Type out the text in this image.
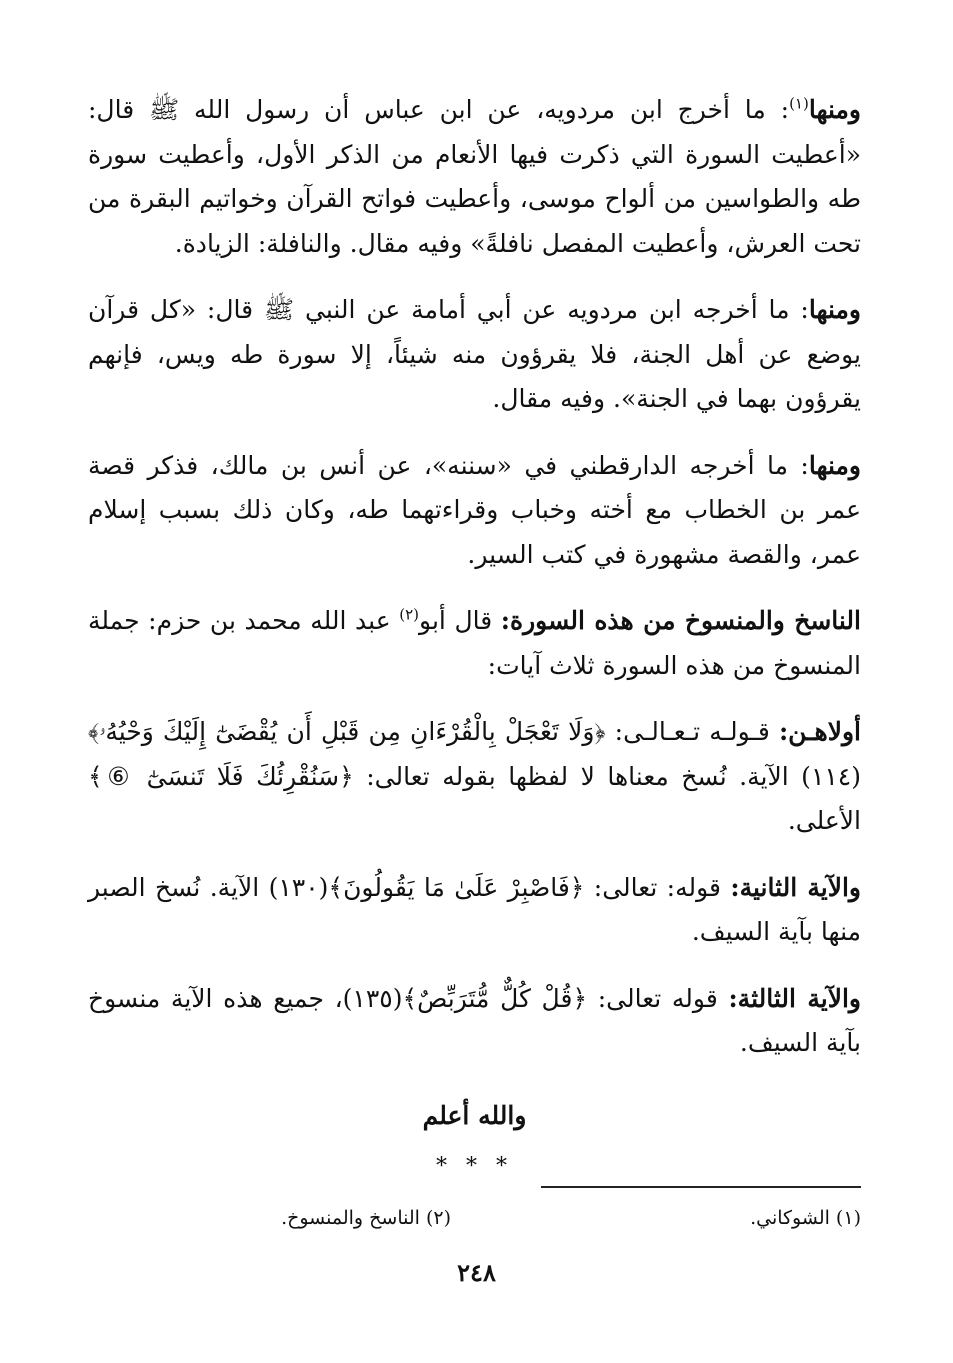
ومنها$^{(١)}$: ما أخرج ابن مردويه، عن ابن عباس أن رسول الله ﷺ قال: «أعطيت السورة التي ذكرت فيها الأنعام من الذكر الأول، وأعطيت سورة طه والطواسين من ألواح موسى، وأعطيت فواتح القرآن وخواتيم البقرة من تحت العرش، وأعطيت المفصل نافلةً» وفيه مقال. والنافلة: الزيادة.

ومنها: ما أخرجه ابن مردويه عن أبي أمامة عن النبي ﷺ قال: «كل قرآن يوضع عن أهل الجنة، فلا يقرؤون منه شيئاً، إلا سورة طه ويس، فإنهم يقرؤون بهما في الجنة». وفيه مقال.

ومنها: ما أخرجه الدارقطني في «سننه»، عن أنس بن مالك، فذكر قصة عمر بن الخطاب مع أخته وخباب وقراءتهما طه، وكان ذلك بسبب إسلام عمر، والقصة مشهورة في كتب السير.

الناسخ والمنسوخ من هذه السورة: قال أبو$^{(٢)}$ عبد الله محمد بن حزم: جملة المنسوخ من هذه السورة ثلاث آيات:

أولاهـن: قـولـه تـعـالـى: ﴿وَلَا تَعْجَلْ بِالْقُرْءَانِ مِن قَبْلِ أَن يُقْضَىٰٓ إِلَيْكَ وَحْيُهُۥ﴾(١١٤) الآية. نُسخ معناها لا لفظها بقوله تعالى: ﴿سَنُقْرِئُكَ فَلَا تَنسَىٰٓ ⑥﴾ الأعلى.

والآية الثانية: قوله: تعالى: ﴿فَاصْبِرْ عَلَىٰ مَا يَقُولُونَ﴾(١٣٠) الآية. نُسخ الصبر منها بآية السيف.

والآية الثالثة: قوله تعالى: ﴿قُلْ كُلٌّ مُّتَرَبِّصٌ﴾(١٣٥)، جميع هذه الآية منسوخ بآية السيف.

والله أعلم
* * *
(١) الشوكاني.
(٢) الناسخ والمنسوخ.
٢٤٨
